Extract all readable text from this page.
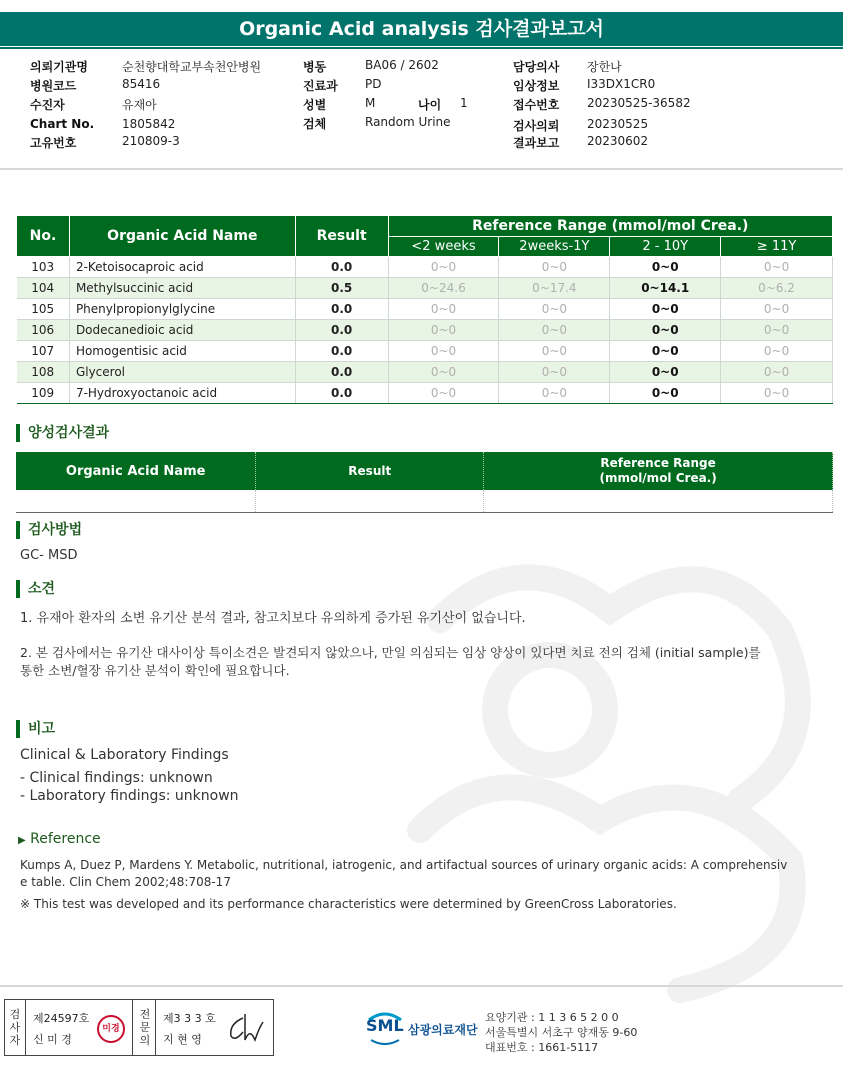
Organic Acid analysis 검사결과보고서
의뢰기관명	순천향대학교부속천안병원
병원코드	85416
수진자	유재아
Chart No. 1805842
고유번호	210809-3
병동	BA06 / 2602
진료과 PD
성별	M	나이 1
검체	Random Urine
담당의사 장한나
임상정보 I33DX1CR0
접수번호 20230525-36582
검사의뢰 20230525
결과보고 20230602
No.	Organic Acid Name	Result	Reference Range (mmol/mol Crea.)			
			<2 weeks	2weeks-1Y	2 - 10Y	≥ 11Y
103	2-Ketoisocaproic acid	0.0	0~0	0~0	0~0	0~0
104	Methylsuccinic acid	0.5	0~24.6	0~17.4	0~14.1	0~6.2
105	Phenylpropionylglycine	0.0	0~0	0~0	0~0	0~0
106	Dodecanedioic acid	0.0	0~0	0~0	0~0	0~0
107	Homogentisic acid	0.0	0~0	0~0	0~0	0~0
108	Glycerol	0.0	0~0	0~0	0~0	0~0
109	7-Hydroxyoctanoic acid	0.0	0~0	0~0	0~0	0~0
양성검사결과
Organic Acid Name	Result	Reference Range
(mmol/mol Crea.)

검사방법
GC- MSD
소견
1. 유재아 환자의 소변 유기산 분석 결과, 참고치보다 유의하게 증가된 유기산이 없습니다.
2. 본 검사에서는 유기산 대사이상 특이소견은 발견되지 않았으나, 만일 의심되는 임상 양상이 있다면 치료 전의 검체 (initial sample)를
통한 소변/혈장 유기산 분석이 확인에 필요합니다.
비고
Clinical & Laboratory Findings
- Clinical findings: unknown
- Laboratory findings: unknown
▶ Reference
Kumps A, Duez P, Mardens Y. Metabolic, nutritional, iatrogenic, and artifactual sources of urinary organic acids: A comprehensiv
e table. Clin Chem 2002;48:708-17
※ This test was developed and its performance characteristics were determined by GreenCross Laboratories.
검
사
자
제24597호
신 미 경
미경
전
문
의
제3 3 3 호
지 현 영
SML 삼광의료재단
요양기관 : 1 1 3 6 5 2 0 0
서울특별시 서초구 양재동 9-60
대표번호 : 1661-5117
